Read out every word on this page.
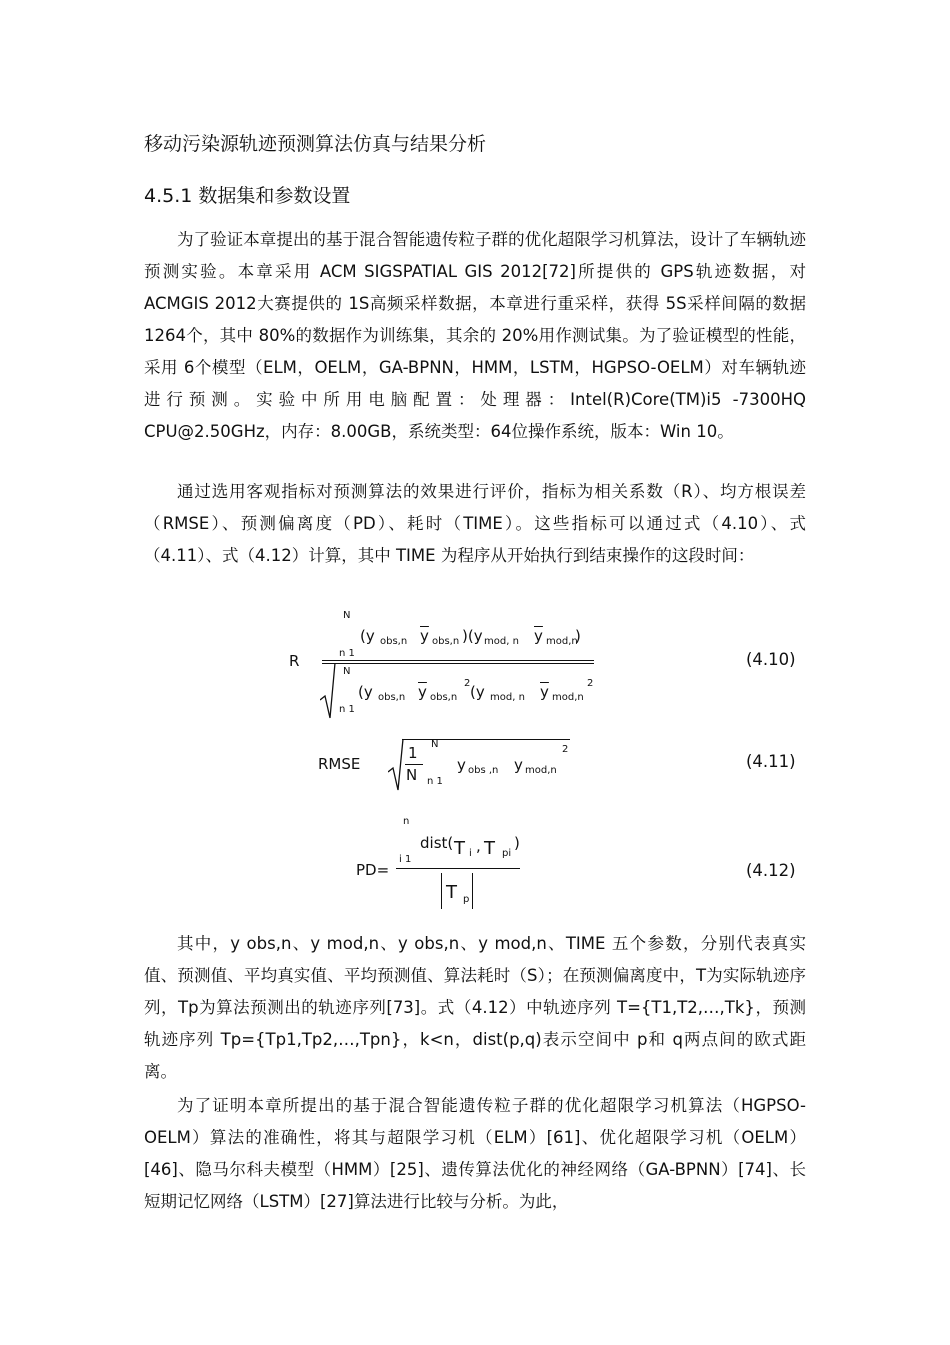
移动污染源轨迹预测算法仿真与结果分析
4.5.1 数据集和参数设置

为了验证本章提出的基于混合智能遗传粒子群的优化超限学习机算法，设计了车辆轨迹预测实验。本章采用 ACM SIGSPATIAL GIS 2012[72]所提供的 GPS轨迹数据，对 ACMGIS 2012大赛提供的 1S高频采样数据，本章进行重采样，获得 5S采样间隔的数据 1264个，其中 80%的数据作为训练集，其余的 20%用作测试集。为了验证模型的性能，采用 6个模型（ELM，OELM，GA-BPNN，HMM，LSTM，HGPSO-OELM）对车辆轨迹进行预测。实验中所用电脑配置：处理器：Intel(R)Core(TM)i5 -7300HQ CPU@2.50GHz，内存：8.00GB，系统类型：64位操作系统，版本：Win 10。

通过选用客观指标对预测算法的效果进行评价，指标为相关系数（R）、均方根误差（RMSE）、预测偏离度（PD）、耗时（TIME）。这些指标可以通过式（4.10）、式（4.11）、式（4.12）计算，其中 TIME 为程序从开始执行到结束操作的这段时间：

R
N
n 1
(y obs,n $\overline{y}$ obs,n )(y mod, n $\overline{y}$ mod,n
)
N
n 1
(y obs,n $\overline{y}$ obs,n
2 (y mod, n $\overline{y}$ mod,n
2
(4.10)
RMSE
1
N
N
n 1
y obs ,n y mod,n
2
(4.11)
n
i 1
dist( T i , T pi
)
PD=
T p
(4.12)

其中，y obs,n、y mod,n、y obs,n、y mod,n、TIME 五个参数，分别代表真实值、预测值、平均真实值、平均预测值、算法耗时（S）；在预测偏离度中，T为实际轨迹序列，Tp为算法预测出的轨迹序列[73]。式（4.12）中轨迹序列 T={T1,T2,…,Tk}，预测轨迹序列 Tp={Tp1,Tp2,…,Tpn}，k<n，dist(p,q)表示空间中 p和 q两点间的欧式距离。

为了证明本章所提出的基于混合智能遗传粒子群的优化超限学习机算法（HGPSO-OELM）算法的准确性，将其与超限学习机（ELM）[61]、优化超限学习机（OELM）[46]、隐马尔科夫模型（HMM）[25]、遗传算法优化的神经网络（GA-BPNN）[74]、长短期记忆网络（LSTM）[27]算法进行比较与分析。为此，
